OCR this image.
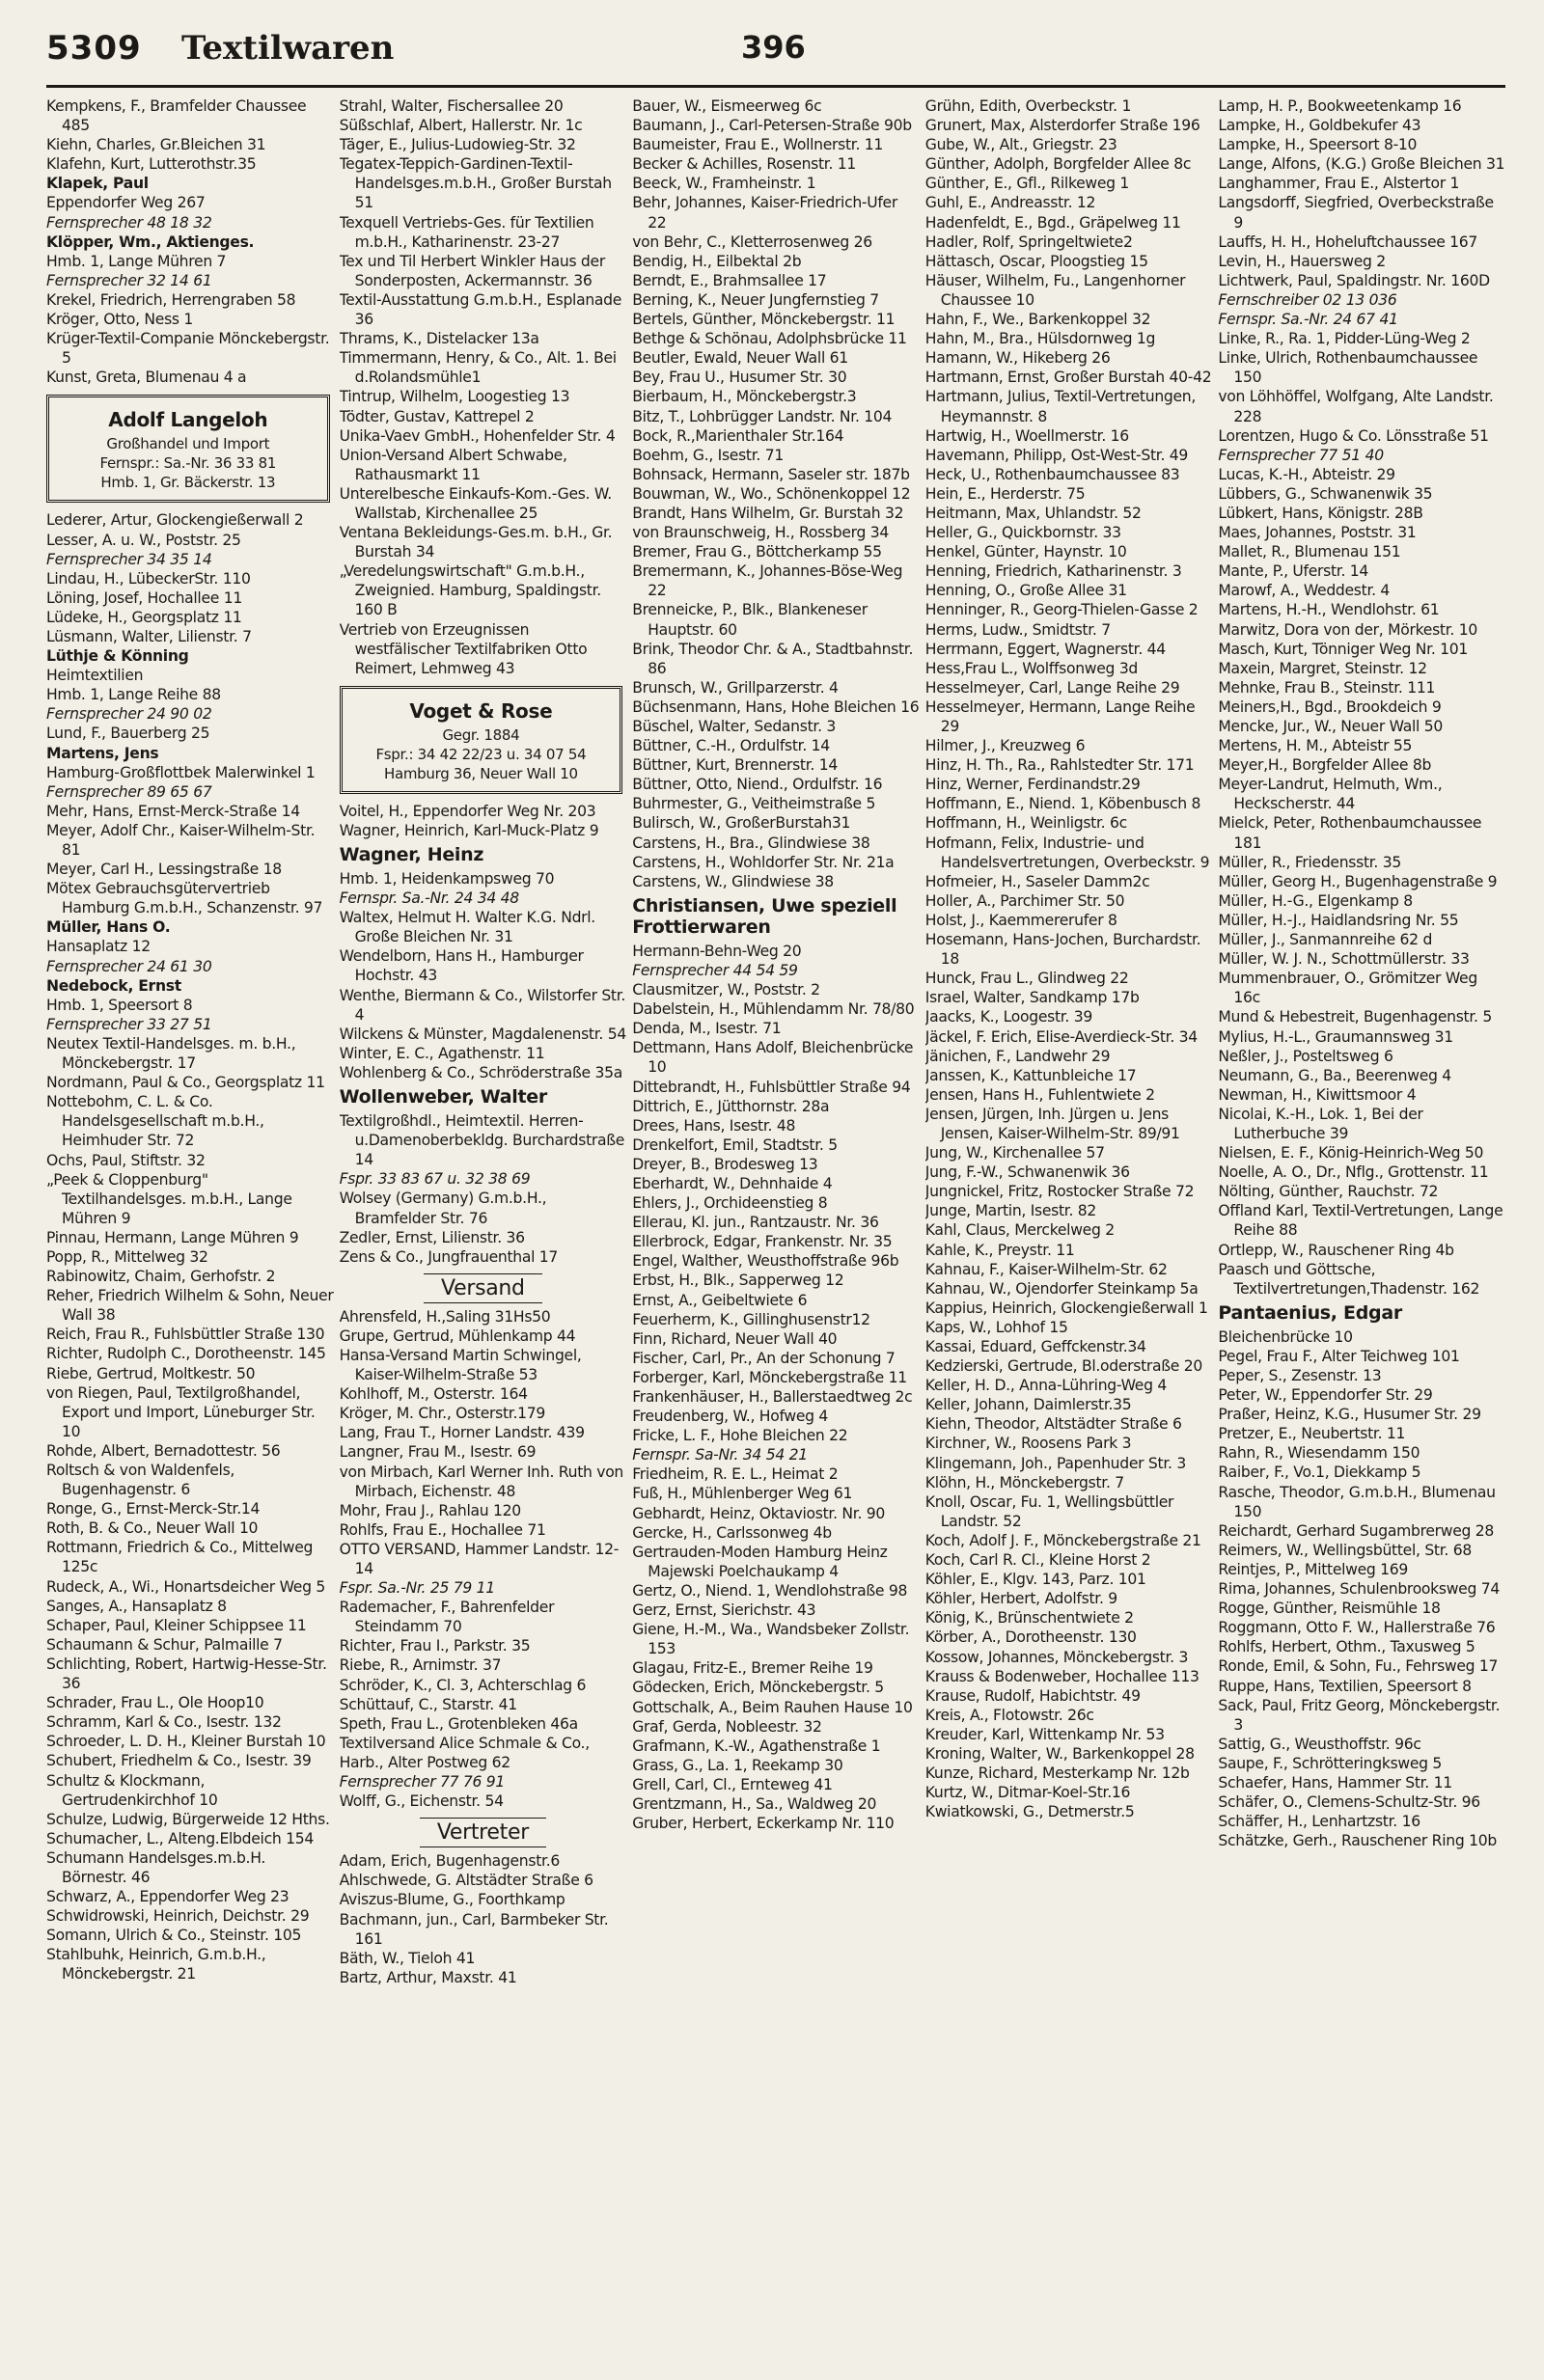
5309 Textilwaren	396

Kempkens, F., Bramfelder Chaussee 485

Kiehn, Charles, Gr.Bleichen 31

Klafehn, Kurt, Lutterothstr.35

Klapek, Paul

Eppendorfer Weg 267

Fernsprecher 48 18 32

Klöpper, Wm., Aktienges.

Hmb. 1, Lange Mühren 7

Fernsprecher 32 14 61

Krekel, Friedrich, Herrengraben 58

Kröger, Otto, Ness 1

Krüger-Textil-Companie Mönckebergstr. 5

Kunst, Greta, Blumenau 4 a

Adolf Langeloh
Großhandel und Import
Fernspr.: Sa.-Nr. 36 33 81
Hmb. 1, Gr. Bäckerstr. 13

Lederer, Artur, Glockengießerwall 2

Lesser, A. u. W., Poststr. 25

Fernsprecher 34 35 14

Lindau, H., LübeckerStr. 110

Löning, Josef, Hochallee 11

Lüdeke, H., Georgsplatz 11

Lüsmann, Walter, Lilienstr. 7

Lüthje & Könning

Heimtextilien

Hmb. 1, Lange Reihe 88

Fernsprecher 24 90 02

Lund, F., Bauerberg 25

Martens, Jens

Hamburg-Großflottbek Malerwinkel 1

Fernsprecher 89 65 67

Mehr, Hans, Ernst-Merck-Straße 14

Meyer, Adolf Chr., Kaiser-Wilhelm-Str. 81

Meyer, Carl H., Lessingstraße 18

Mötex Gebrauchsgütervertrieb Hamburg G.m.b.H., Schanzenstr. 97

Müller, Hans O.

Hansaplatz 12

Fernsprecher 24 61 30

Nedebock, Ernst

Hmb. 1, Speersort 8

Fernsprecher 33 27 51

Neutex Textil-Handelsges. m. b.H., Mönckebergstr. 17

Nordmann, Paul & Co., Georgsplatz 11

Nottebohm, C. L. & Co. Handelsgesellschaft m.b.H., Heimhuder Str. 72

Ochs, Paul, Stiftstr. 32

„Peek & Cloppenburg" Textilhandelsges. m.b.H., Lange Mühren 9

Pinnau, Hermann, Lange Mühren 9

Popp, R., Mittelweg 32

Rabinowitz, Chaim, Gerhofstr. 2

Reher, Friedrich Wilhelm & Sohn, Neuer Wall 38

Reich, Frau R., Fuhlsbüttler Straße 130

Richter, Rudolph C., Dorotheenstr. 145

Riebe, Gertrud, Moltkestr. 50

von Riegen, Paul, Textilgroßhandel, Export und Import, Lüneburger Str. 10

Rohde, Albert, Bernadottestr. 56

Roltsch & von Waldenfels, Bugenhagenstr. 6

Ronge, G., Ernst-Merck-Str.14

Roth, B. & Co., Neuer Wall 10

Rottmann, Friedrich & Co., Mittelweg 125c

Rudeck, A., Wi., Honartsdeicher Weg 5

Sanges, A., Hansaplatz 8

Schaper, Paul, Kleiner Schippsee 11

Schaumann & Schur, Palmaille 7

Schlichting, Robert, Hartwig-Hesse-Str. 36

Schrader, Frau L., Ole Hoop10

Schramm, Karl & Co., Isestr. 132

Schroeder, L. D. H., Kleiner Burstah 10

Schubert, Friedhelm & Co., Isestr. 39

Schultz & Klockmann, Gertrudenkirchhof 10

Schulze, Ludwig, Bürgerweide 12 Hths.

Schumacher, L., Alteng.Elbdeich 154

Schumann Handelsges.m.b.H. Börnestr. 46

Schwarz, A., Eppendorfer Weg 23

Schwidrowski, Heinrich, Deichstr. 29

Somann, Ulrich & Co., Steinstr. 105

Stahlbuhk, Heinrich, G.m.b.H., Mönckebergstr. 21

Strahl, Walter, Fischersallee 20

Süßschlaf, Albert, Hallerstr. Nr. 1c

Täger, E., Julius-Ludowieg-Str. 32

Tegatex-Teppich-Gardinen-Textil-Handelsges.m.b.H., Großer Burstah 51

Texquell Vertriebs-Ges. für Textilien m.b.H., Katharinenstr. 23-27

Tex und Til Herbert Winkler Haus der Sonderposten, Ackermannstr. 36

Textil-Ausstattung G.m.b.H., Esplanade 36

Thrams, K., Distelacker 13a

Timmermann, Henry, & Co., Alt. 1. Bei d.Rolandsmühle1

Tintrup, Wilhelm, Loogestieg 13

Tödter, Gustav, Kattrepel 2

Unika-Vaev GmbH., Hohenfelder Str. 4

Union-Versand Albert Schwabe, Rathausmarkt 11

Unterelbesche Einkaufs-Kom.-Ges. W. Wallstab, Kirchenallee 25

Ventana Bekleidungs-Ges.m. b.H., Gr. Burstah 34

„Veredelungswirtschaft" G.m.b.H., Zweignied. Hamburg, Spaldingstr. 160 B

Vertrieb von Erzeugnissen westfälischer Textilfabriken Otto Reimert, Lehmweg 43

Voget & Rose
Gegr. 1884
Fspr.: 34 42 22/23 u. 34 07 54
Hamburg 36, Neuer Wall 10

Voitel, H., Eppendorfer Weg Nr. 203

Wagner, Heinrich, Karl-Muck-Platz 9

Wagner, Heinz

Hmb. 1, Heidenkampsweg 70

Fernspr. Sa.-Nr. 24 34 48

Waltex, Helmut H. Walter K.G. Ndrl. Große Bleichen Nr. 31

Wendelborn, Hans H., Hamburger Hochstr. 43

Wenthe, Biermann & Co., Wilstorfer Str. 4

Wilckens & Münster, Magdalenenstr. 54

Winter, E. C., Agathenstr. 11

Wohlenberg & Co., Schröderstraße 35a

Wollenweber, Walter

Textilgroßhdl., Heimtextil. Herren-u.Damenoberbekldg. Burchardstraße 14

Fspr. 33 83 67 u. 32 38 69

Wolsey (Germany) G.m.b.H., Bramfelder Str. 76

Zedler, Ernst, Lilienstr. 36

Zens & Co., Jungfrauenthal 17

Versand

Ahrensfeld, H.,Saling 31Hs50

Grupe, Gertrud, Mühlenkamp 44

Hansa-Versand Martin Schwingel, Kaiser-Wilhelm-Straße 53

Kohlhoff, M., Osterstr. 164

Kröger, M. Chr., Osterstr.179

Lang, Frau T., Horner Landstr. 439

Langner, Frau M., Isestr. 69

von Mirbach, Karl Werner Inh. Ruth von Mirbach, Eichenstr. 48

Mohr, Frau J., Rahlau 120

Rohlfs, Frau E., Hochallee 71

OTTO VERSAND, Hammer Landstr. 12-14

Fspr. Sa.-Nr. 25 79 11

Rademacher, F., Bahrenfelder Steindamm 70

Richter, Frau I., Parkstr. 35

Riebe, R., Arnimstr. 37

Schröder, K., Cl. 3, Achterschlag 6

Schüttauf, C., Starstr. 41

Speth, Frau L., Grotenbleken 46a

Textilversand Alice Schmale & Co.,

Harb., Alter Postweg 62

Fernsprecher 77 76 91

Wolff, G., Eichenstr. 54

Vertreter

Adam, Erich, Bugenhagenstr.6

Ahlschwede, G. Altstädter Straße 6

Aviszus-Blume, G., Foorthkamp

Bachmann, jun., Carl, Barmbeker Str. 161

Bäth, W., Tieloh 41

Bartz, Arthur, Maxstr. 41

Bauer, W., Eismeerweg 6c

Baumann, J., Carl-Petersen-Straße 90b

Baumeister, Frau E., Wollnerstr. 11

Becker & Achilles, Rosenstr. 11

Beeck, W., Framheinstr. 1

Behr, Johannes, Kaiser-Friedrich-Ufer 22

von Behr, C., Kletterrosenweg 26

Bendig, H., Eilbektal 2b

Berndt, E., Brahmsallee 17

Berning, K., Neuer Jungfernstieg 7

Bertels, Günther, Mönckebergstr. 11

Bethge & Schönau, Adolphsbrücke 11

Beutler, Ewald, Neuer Wall 61

Bey, Frau U., Husumer Str. 30

Bierbaum, H., Mönckebergstr.3

Bitz, T., Lohbrügger Landstr. Nr. 104

Bock, R.,Marienthaler Str.164

Boehm, G., Isestr. 71

Bohnsack, Hermann, Saseler str. 187b

Bouwman, W., Wo., Schönenkoppel 12

Brandt, Hans Wilhelm, Gr. Burstah 32

von Braunschweig, H., Rossberg 34

Bremer, Frau G., Böttcherkamp 55

Bremermann, K., Johannes-Böse-Weg 22

Brenneicke, P., Blk., Blankeneser Hauptstr. 60

Brink, Theodor Chr. & A., Stadtbahnstr. 86

Brunsch, W., Grillparzerstr. 4

Büchsenmann, Hans, Hohe Bleichen 16

Büschel, Walter, Sedanstr. 3

Büttner, C.-H., Ordulfstr. 14

Büttner, Kurt, Brennerstr. 14

Büttner, Otto, Niend., Ordulfstr. 16

Buhrmester, G., Veitheimstraße 5

Bulirsch, W., GroßerBurstah31

Carstens, H., Bra., Glindwiese 38

Carstens, H., Wohldorfer Str. Nr. 21a

Carstens, W., Glindwiese 38

Christiansen, Uwe speziell Frottierwaren

Hermann-Behn-Weg 20

Fernsprecher 44 54 59

Clausmitzer, W., Poststr. 2

Dabelstein, H., Mühlendamm Nr. 78/80

Denda, M., Isestr. 71

Dettmann, Hans Adolf, Bleichenbrücke 10

Dittebrandt, H., Fuhlsbüttler Straße 94

Dittrich, E., Jütthornstr. 28a

Drees, Hans, Isestr. 48

Drenkelfort, Emil, Stadtstr. 5

Dreyer, B., Brodesweg 13

Eberhardt, W., Dehnhaide 4

Ehlers, J., Orchideenstieg 8

Ellerau, Kl. jun., Rantzaustr. Nr. 36

Ellerbrock, Edgar, Frankenstr. Nr. 35

Engel, Walther, Weusthoffstraße 96b

Erbst, H., Blk., Sapperweg 12

Ernst, A., Geibeltwiete 6

Feuerherm, K., Gillinghusenstr12

Finn, Richard, Neuer Wall 40

Fischer, Carl, Pr., An der Schonung 7

Forberger, Karl, Mönckebergstraße 11

Frankenhäuser, H., Ballerstaedtweg 2c

Freudenberg, W., Hofweg 4

Fricke, L. F., Hohe Bleichen 22

Fernspr. Sa-Nr. 34 54 21

Friedheim, R. E. L., Heimat 2

Fuß, H., Mühlenberger Weg 61

Gebhardt, Heinz, Oktaviostr. Nr. 90

Gercke, H., Carlssonweg 4b

Gertrauden-Moden Hamburg Heinz Majewski Poelchaukamp 4

Gertz, O., Niend. 1, Wendlohstraße 98

Gerz, Ernst, Sierichstr. 43

Giene, H.-M., Wa., Wandsbeker Zollstr. 153

Glagau, Fritz-E., Bremer Reihe 19

Gödecken, Erich, Mönckebergstr. 5

Gottschalk, A., Beim Rauhen Hause 10

Graf, Gerda, Nobleestr. 32

Grafmann, K.-W., Agathenstraße 1

Grass, G., La. 1, Reekamp 30

Grell, Carl, Cl., Ernteweg 41

Grentzmann, H., Sa., Waldweg 20

Gruber, Herbert, Eckerkamp Nr. 110

Grühn, Edith, Overbeckstr. 1

Grunert, Max, Alsterdorfer Straße 196

Gube, W., Alt., Griegstr. 23

Günther, Adolph, Borgfelder Allee 8c

Günther, E., Gfl., Rilkeweg 1

Guhl, E., Andreasstr. 12

Hadenfeldt, E., Bgd., Gräpelweg 11

Hadler, Rolf, Springeltwiete2

Hättasch, Oscar, Ploogstieg 15

Häuser, Wilhelm, Fu., Langenhorner Chaussee 10

Hahn, F., We., Barkenkoppel 32

Hahn, M., Bra., Hülsdornweg 1g

Hamann, W., Hikeberg 26

Hartmann, Ernst, Großer Burstah 40-42

Hartmann, Julius, Textil-Vertretungen, Heymannstr. 8

Hartwig, H., Woellmerstr. 16

Havemann, Philipp, Ost-West-Str. 49

Heck, U., Rothenbaumchaussee 83

Hein, E., Herderstr. 75

Heitmann, Max, Uhlandstr. 52

Heller, G., Quickbornstr. 33

Henkel, Günter, Haynstr. 10

Henning, Friedrich, Katharinenstr. 3

Henning, O., Große Allee 31

Henninger, R., Georg-Thielen-Gasse 2

Herms, Ludw., Smidtstr. 7

Herrmann, Eggert, Wagnerstr. 44

Hess,Frau L., Wolffsonweg 3d

Hesselmeyer, Carl, Lange Reihe 29

Hesselmeyer, Hermann, Lange Reihe 29

Hilmer, J., Kreuzweg 6

Hinz, H. Th., Ra., Rahlstedter Str. 171

Hinz, Werner, Ferdinandstr.29

Hoffmann, E., Niend. 1, Köbenbusch 8

Hoffmann, H., Weinligstr. 6c

Hofmann, Felix, Industrie- und Handelsvertretungen, Overbeckstr. 9

Hofmeier, H., Saseler Damm2c

Holler, A., Parchimer Str. 50

Holst, J., Kaemmererufer 8

Hosemann, Hans-Jochen, Burchardstr. 18

Hunck, Frau L., Glindweg 22

Israel, Walter, Sandkamp 17b

Jaacks, K., Loogestr. 39

Jäckel, F. Erich, Elise-Averdieck-Str. 34

Jänichen, F., Landwehr 29

Janssen, K., Kattunbleiche 17

Jensen, Hans H., Fuhlentwiete 2

Jensen, Jürgen, Inh. Jürgen u. Jens Jensen, Kaiser-Wilhelm-Str. 89/91

Jung, W., Kirchenallee 57

Jung, F.-W., Schwanenwik 36

Jungnickel, Fritz, Rostocker Straße 72

Junge, Martin, Isestr. 82

Kahl, Claus, Merckelweg 2

Kahle, K., Preystr. 11

Kahnau, F., Kaiser-Wilhelm-Str. 62

Kahnau, W., Ojendorfer Steinkamp 5a

Kappius, Heinrich, Glockengießerwall 1

Kaps, W., Lohhof 15

Kassai, Eduard, Geffckenstr.34

Kedzierski, Gertrude, Bl.oderstraße 20

Keller, H. D., Anna-Lühring-Weg 4

Keller, Johann, Daimlerstr.35

Kiehn, Theodor, Altstädter Straße 6

Kirchner, W., Roosens Park 3

Klingemann, Joh., Papenhuder Str. 3

Klöhn, H., Mönckebergstr. 7

Knoll, Oscar, Fu. 1, Wellingsbüttler Landstr. 52

Koch, Adolf J. F., Mönckebergstraße 21

Koch, Carl R. Cl., Kleine Horst 2

Köhler, E., Klgv. 143, Parz. 101

Köhler, Herbert, Adolfstr. 9

König, K., Brünschentwiete 2

Körber, A., Dorotheenstr. 130

Kossow, Johannes, Mönckebergstr. 3

Krauss & Bodenweber, Hochallee 113

Krause, Rudolf, Habichtstr. 49

Kreis, A., Flotowstr. 26c

Kreuder, Karl, Wittenkamp Nr. 53

Kroning, Walter, W., Barkenkoppel 28

Kunze, Richard, Mesterkamp Nr. 12b

Kurtz, W., Ditmar-Koel-Str.16

Kwiatkowski, G., Detmerstr.5

Lamp, H. P., Bookweetenkamp 16

Lampke, H., Goldbekufer 43

Lampke, H., Speersort 8-10

Lange, Alfons, (K.G.) Große Bleichen 31

Langhammer, Frau E., Alstertor 1

Langsdorff, Siegfried, Overbeckstraße 9

Lauffs, H. H., Hoheluftchaussee 167

Levin, H., Hauersweg 2

Lichtwerk, Paul, Spaldingstr. Nr. 160D

Fernschreiber 02 13 036

Fernspr. Sa.-Nr. 24 67 41

Linke, R., Ra. 1, Pidder-Lüng-Weg 2

Linke, Ulrich, Rothenbaumchaussee 150

von Löhhöffel, Wolfgang, Alte Landstr. 228

Lorentzen, Hugo & Co. Lönsstraße 51

Fernsprecher 77 51 40

Lucas, K.-H., Abteistr. 29

Lübbers, G., Schwanenwik 35

Lübkert, Hans, Königstr. 28B

Maes, Johannes, Poststr. 31

Mallet, R., Blumenau 151

Mante, P., Uferstr. 14

Marowf, A., Weddestr. 4

Martens, H.-H., Wendlohstr. 61

Marwitz, Dora von der, Mörkestr. 10

Masch, Kurt, Tönniger Weg Nr. 101

Maxein, Margret, Steinstr. 12

Mehnke, Frau B., Steinstr. 111

Meiners,H., Bgd., Brookdeich 9

Mencke, Jur., W., Neuer Wall 50

Mertens, H. M., Abteistr 55

Meyer,H., Borgfelder Allee 8b

Meyer-Landrut, Helmuth, Wm., Heckscherstr. 44

Mielck, Peter, Rothenbaumchaussee 181

Müller, R., Friedensstr. 35

Müller, Georg H., Bugenhagenstraße 9

Müller, H.-G., Elgenkamp 8

Müller, H.-J., Haidlandsring Nr. 55

Müller, J., Sanmannreihe 62 d

Müller, W. J. N., Schottmüllerstr. 33

Mummenbrauer, O., Grömitzer Weg 16c

Mund & Hebestreit, Bugenhagenstr. 5

Mylius, H.-L., Graumannsweg 31

Neßler, J., Posteltsweg 6

Neumann, G., Ba., Beerenweg 4

Newman, H., Kiwittsmoor 4

Nicolai, K.-H., Lok. 1, Bei der Lutherbuche 39

Nielsen, E. F., König-Heinrich-Weg 50

Noelle, A. O., Dr., Nflg., Grottenstr. 11

Nölting, Günther, Rauchstr. 72

Offland Karl, Textil-Vertretungen, Lange Reihe 88

Ortlepp, W., Rauschener Ring 4b

Paasch und Göttsche, Textilvertretungen,Thadenstr. 162

Pantaenius, Edgar

Bleichenbrücke 10

Pegel, Frau F., Alter Teichweg 101

Peper, S., Zesenstr. 13

Peter, W., Eppendorfer Str. 29

Praßer, Heinz, K.G., Husumer Str. 29

Pretzer, E., Neubertstr. 11

Rahn, R., Wiesendamm 150

Raiber, F., Vo.1, Diekkamp 5

Rasche, Theodor, G.m.b.H., Blumenau 150

Reichardt, Gerhard Sugambrerweg 28

Reimers, W., Wellingsbüttel, Str. 68

Reintjes, P., Mittelweg 169

Rima, Johannes, Schulenbrooksweg 74

Rogge, Günther, Reismühle 18

Roggmann, Otto F. W., Hallerstraße 76

Rohlfs, Herbert, Othm., Taxusweg 5

Ronde, Emil, & Sohn, Fu., Fehrsweg 17

Ruppe, Hans, Textilien, Speersort 8

Sack, Paul, Fritz Georg, Mönckebergstr. 3

Sattig, G., Weusthoffstr. 96c

Saupe, F., Schrötteringksweg 5

Schaefer, Hans, Hammer Str. 11

Schäfer, O., Clemens-Schultz-Str. 96

Schäffer, H., Lenhartzstr. 16

Schätzke, Gerh., Rauschener Ring 10b
